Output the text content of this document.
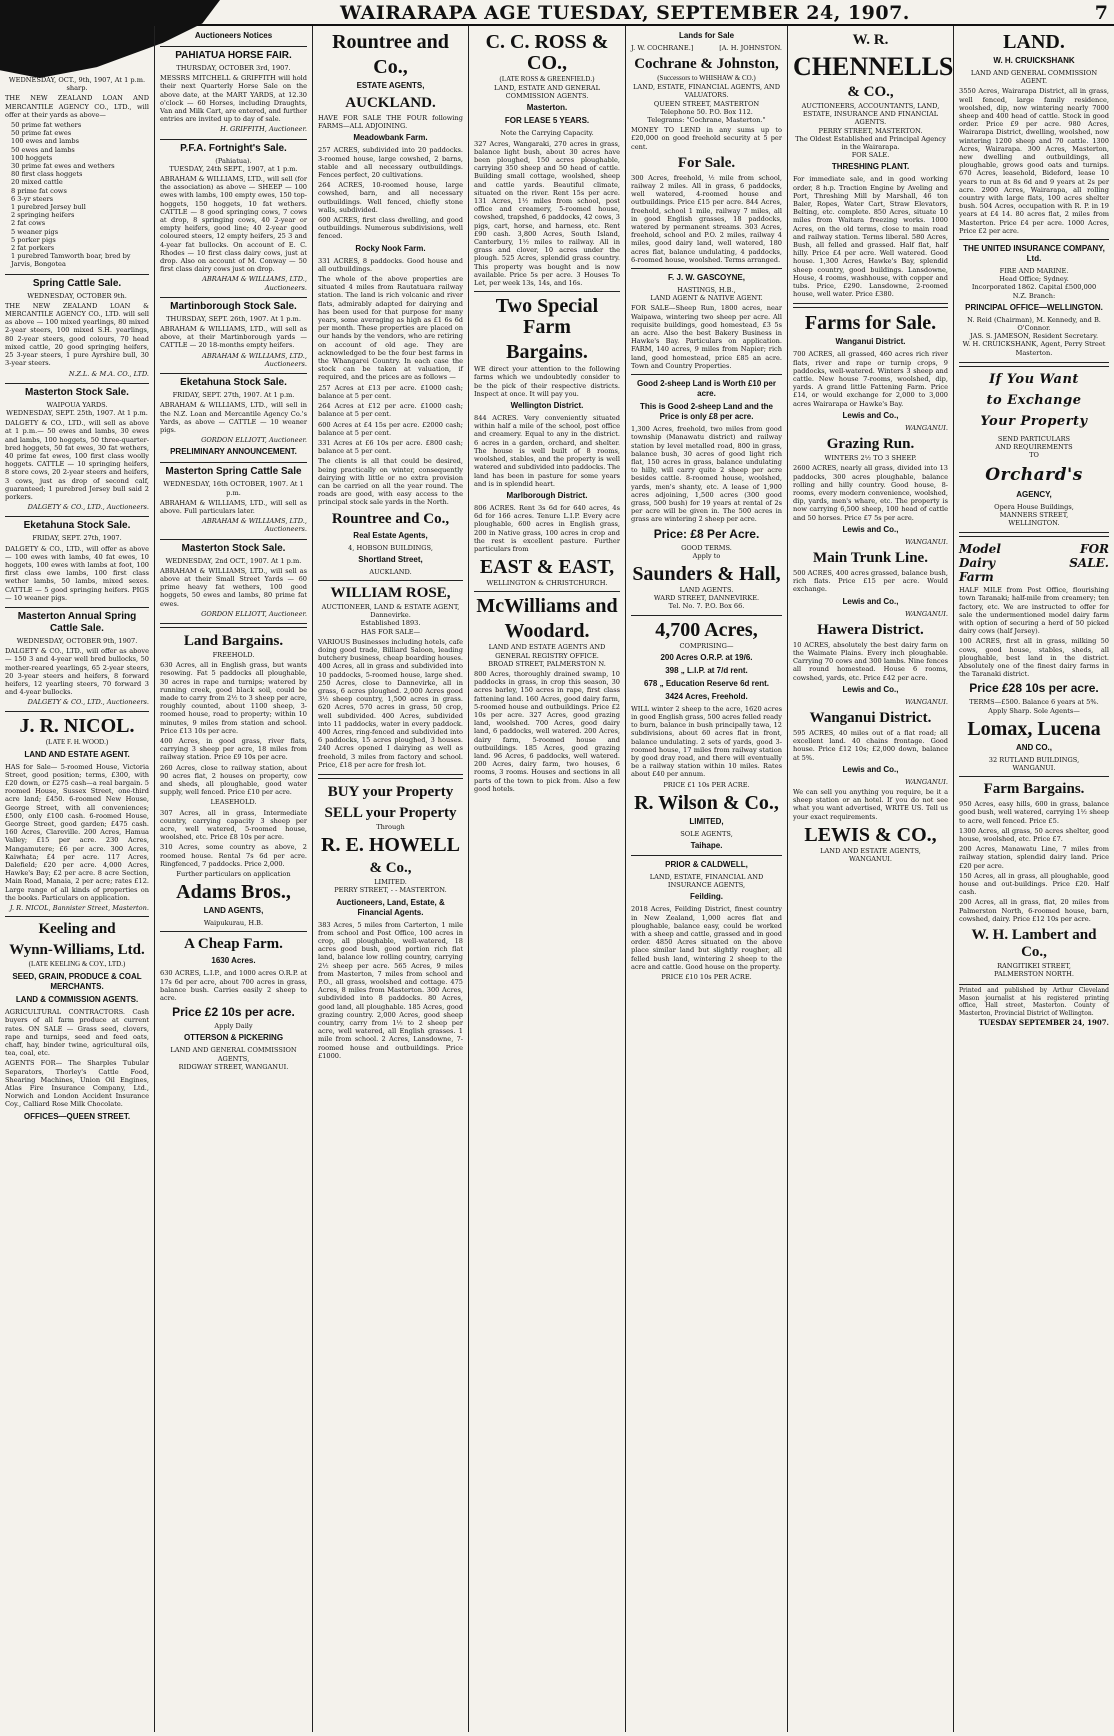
WAIRARAPA AGE TUESDAY, SEPTEMBER 24, 1907.	7
WEDNESDAY, OCT., 9th, 1907, At 1 p.m. sharp.
THE NEW ZEALAND LOAN AND MERCANTILE AGENCY CO., LTD., will offer at their yards as above—
50 prime fat wethers
50 prime fat ewes
100 ewes and lambs
50 ewes and lambs
100 hoggets
30 prime fat ewes and wethers
80 first class hoggets
20 mixed cattle
8 prime fat cows
6 3-yr steers
1 purebred Jersey bull
2 springing heifers
2 fat cows
5 weaner pigs
5 porker pigs
2 fat porkers
1 purebred Tamworth boar, bred by Jarvis, Bongotea
Spring Cattle Sale.
WEDNESDAY, OCTOBER 9th.
THE NEW ZEALAND LOAN & MERCANTILE AGENCY CO., LTD. will sell as above — 100 mixed yearlings, 80 mixed 2-year steers, 100 mixed S.H. yearlings, 80 2-year steers, good colours, 70 head mixed cattle, 20 good springing heifers, 25 3-year steers, 1 pure Ayrshire bull, 30 3-year steers.
N.Z.L. & M.A. CO., LTD.
Masterton Stock Sale.
WAIPOUA YARDS.
WEDNESDAY, SEPT. 25th, 1907. At 1 p.m.
DALGETY & CO., LTD., will sell as above at 1 p.m.— 50 ewes and lambs, 30 ewes and lambs, 100 hoggets, 50 three-quarter-bred hoggets, 50 fat ewes, 30 fat wethers, 40 prime fat ewes, 100 first class woolly hoggets. CATTLE — 10 springing heifers, 8 store cows, 20 2-year steers and heifers, 3 cows, just as drop of second calf, guaranteed; 1 purebred Jersey bull said 2 porkers.
DALGETY & CO., LTD., Auctioneers.
Eketahuna Stock Sale.
FRIDAY, SEPT. 27th, 1907.
DALGETY & CO., LTD., will offer as above — 100 ewes with lambs, 40 fat ewes, 10 hoggets, 100 ewes with lambs at foot, 100 first class ewe lambs, 100 first class wether lambs, 50 lambs, mixed sexes. CATTLE — 5 good springing heifers. PIGS — 10 weaner pigs.
Masterton Annual Spring Cattle Sale.
WEDNESDAY, OCTOBER 9th, 1907.
DALGETY & CO., LTD., will offer as above — 150 3 and 4-year well bred bullocks, 50 mother-reared yearlings, 65 2-year steers, 20 3-year steers and heifers, 8 forward heifers, 12 yearling steers, 70 forward 3 and 4-year bullocks.
DALGETY & CO., LTD., Auctioneers.
J. R. NICOL.
(LATE F. H. WOOD.)
LAND AND ESTATE AGENT.
HAS for Sale— 5-roomed House, Victoria Street, good position; terms, £300, with £20 down, or £275 cash—a real bargain. 5 roomed House, Sussex Street, one-third acre land; £450. 6-roomed New House, George Street, with all conveniences; £500, only £100 cash. 6-roomed House, George Street, good garden; £475 cash. 160 Acres, Clareville. 200 Acres, Hamua Valley; £15 per acre. 230 Acres, Mangamutere; £6 per acre. 300 Acres, Kaiwhata; £4 per acre. 117 Acres, Dalefield; £20 per acre. 4,000 Acres, Hawke's Bay; £2 per acre. 8 acre Section, Main Road, Manaia, 2 per acre; rates £12. Large range of all kinds of properties on the books. Particulars on application.
J. R. NICOL, Bannister Street, Masterton.
Keeling and
Wynn-Williams, Ltd.
(LATE KEELING & COY., LTD.)
SEED, GRAIN, PRODUCE & COAL MERCHANTS.
LAND & COMMISSION AGENTS.
AGRICULTURAL CONTRACTORS. Cash buyers of all farm produce at current rates. ON SALE — Grass seed, clovers, rape and turnips, seed and feed oats, chaff, hay, binder twine, agricultural oils, tea, coal, etc.
AGENTS FOR— The Sharples Tubular Separators, Thorley's Cattle Food, Shearing Machines, Union Oil Engines, Atlas Fire Insurance Company, Ltd., Norwich and London Accident Insurance Coy., Calliard Rose Milk Chocolate.
OFFICES—QUEEN STREET.
Auctioneers Notices
PAHIATUA HORSE FAIR.
THURSDAY, OCTOBER 3rd, 1907.
MESSRS MITCHELL & GRIFFITH will hold their next Quarterly Horse Sale on the above date, at the MART YARDS, at 12.30 o'clock — 60 Horses, including Draughts, Van and Milk Cart, are entered, and further entries are invited up to day of sale.
H. GRIFFITH, Auctioneer.
P.F.A. Fortnight's Sale.
(Pahiatua).
TUESDAY, 24th SEPT., 1907, at 1 p.m.
ABRAHAM & WILLIAMS, LTD., will sell (for the association) as above — SHEEP — 100 ewes with lambs, 100 empty ewes, 150 top-hoggets, 150 hoggets, 10 fat wethers. CATTLE — 8 good springing cows, 7 cows at drop, 8 springing cows, 40 2-year or empty heifers, good line; 40 2-year good coloured steers, 12 empty heifers, 25 3 and 4-year fat bullocks. On account of E. C. Rhodes — 10 first class dairy cows, just at drop. Also on account of M. Conway — 50 first class dairy cows just on drop.
ABRAHAM & WILLIAMS, LTD., Auctioneers.
Martinborough Stock Sale.
THURSDAY, SEPT. 26th, 1907. At 1 p.m.
ABRAHAM & WILLIAMS, LTD., will sell as above, at their Martinborough yards — CATTLE — 20 18-months empty heifers.
ABRAHAM & WILLIAMS, LTD., Auctioneers.
Eketahuna Stock Sale.
FRIDAY, SEPT. 27th, 1907. At 1 p.m.
ABRAHAM & WILLIAMS, LTD., will sell in the N.Z. Loan and Mercantile Agency Co.'s Yards, as above — CATTLE — 10 weaner pigs.
GORDON ELLIOTT, Auctioneer.
PRELIMINARY ANNOUNCEMENT.
Masterton Spring Cattle Sale
WEDNESDAY, 16th OCTOBER, 1907. At 1 p.m.
ABRAHAM & WILLIAMS, LTD., will sell as above. Full particulars later.
ABRAHAM & WILLIAMS, LTD., Auctioneers.
Masterton Stock Sale.
WEDNESDAY, 2nd OCT., 1907. At 1 p.m.
ABRAHAM & WILLIAMS, LTD., will sell as above at their Small Street Yards — 60 prime heavy fat wethers, 100 good hoggets, 50 ewes and lambs, 80 prime fat ewes.
GORDON ELLIOTT, Auctioneer.
Land Bargains.
FREEHOLD.
630 Acres, all in English grass, but wants resowing. Fat 5 paddocks all ploughable, 30 acres in rape and turnips; watered by running creek, good black soil, could be made to carry from 2½ to 3 sheep per acre, roughly counted, about 1100 sheep, 3-roomed house, road to property; within 10 minutes, 9 miles from station and school. Price £13 10s per acre.
400 Acres, in good grass, river flats, carrying 3 sheep per acre, 18 miles from railway station. Price £9 10s per acre.
260 Acres, close to railway station, about 90 acres flat, 2 houses on property, cow and sheds, all ploughable, good water supply, well fenced. Price £10 per acre.
LEASEHOLD.
307 Acres, all in grass, Intermediate country, carrying capacity 3 sheep per acre, well watered, 5-roomed house, woolshed, etc. Price £8 10s per acre.
310 Acres, some country as above, 2 roomed house. Rental 7s 6d per acre. Ringfenced, 7 paddocks. Price 2,000.
Further particulars on application
Adams Bros.,
LAND AGENTS,
Waipukurau, H.B.
A Cheap Farm.
1630 Acres.
630 ACRES, L.I.P., and 1000 acres O.R.P. at 17s 6d per acre, about 700 acres in grass, balance bush. Carries easily 2 sheep to acre.
Price £2 10s per acre.
Apply Daily
OTTERSON & PICKERING
LAND AND GENERAL COMMISSION AGENTS,
RIDGWAY STREET, WANGANUI.
Rountree and
Co.,
ESTATE AGENTS,
AUCKLAND.
HAVE FOR SALE THE FOUR following FARMS—ALL ADJOINING.
Meadowbank Farm.
257 ACRES, subdivided into 20 paddocks. 3-roomed house, large cowshed, 2 barns, stable and all necessary outbuildings. Fences perfect, 20 cultivations.
264 ACRES, 10-roomed house, large cowshed, barn, and all necessary outbuildings. Well fenced, chiefly stone walls, subdivided.
600 ACRES, first class dwelling, and good outbuildings. Numerous subdivisions, well fenced.
Rocky Nook Farm.
331 ACRES, 8 paddocks. Good house and all outbuildings.
The whole of the above properties are situated 4 miles from Rautatuara railway station. The land is rich volcanic and river flats, admirably adapted for dairying and has been used for that purpose for many years, some averaging as high as £1 6s 6d per month. These properties are placed on our hands by the vendors, who are retiring on account of old age. They are acknowledged to be the four best farms in the Whangarei Country. In each case the stock can be taken at valuation, if required, and the prices are as follows —
257 Acres at £13 per acre. £1000 cash; balance at 5 per cent.
264 Acres at £12 per acre. £1000 cash; balance at 5 per cent.
600 Acres at £4 15s per acre. £2000 cash; balance at 5 per cent.
331 Acres at £6 10s per acre. £800 cash; balance at 5 per cent.
The clients is all that could be desired, being practically on winter, consequently dairying with little or no extra provision can be carried on all the year round. The roads are good, with easy access to the principal stock sale yards in the North.
Rountree and Co.,
Real Estate Agents,
4, HOBSON BUILDINGS,
Shortland Street,
AUCKLAND.
WILLIAM ROSE,
AUCTIONEER, LAND & ESTATE AGENT, Dannevirke.
Established 1893.
HAS FOR SALE—
VARIOUS Businesses including hotels, cafe doing good trade, Billiard Saloon, leading butchery business, cheap boarding houses. 400 Acres, all in grass and subdivided into 10 paddocks, 5-roomed house, large shed. 250 Acres, close to Dannevirke, all in grass, 6 acres ploughed. 2,000 Acres good 3½ sheep country, 1,500 acres in grass. 620 Acres, 570 acres in grass, 50 crop, well subdivided. 400 Acres, subdivided into 11 paddocks, water in every paddock. 400 Acres, ring-fenced and subdivided into 6 paddocks, 15 acres ploughed, 3 houses. 240 Acres opened I dairying as well as freehold, 3 miles from factory and school. Price, £18 per acre for fresh lot.
BUY your Property
SELL your Property
Through
R. E. HOWELL
& Co.,
LIMITED.
PERRY STREET, - - MASTERTON.
Auctioneers, Land, Estate, & Financial Agents.
383 Acres, 5 miles from Carterton, 1 mile from school and Post Office, 100 acres in crop, all ploughable, well-watered, 18 acres good bush, good portion rich flat land, balance low rolling country, carrying 2½ sheep per acre. 565 Acres, 9 miles from Masterton, 7 miles from school and P.O., all grass, woolshed and cottage. 475 Acres, 8 miles from Masterton. 300 Acres, subdivided into 8 paddocks. 80 Acres, good land, all ploughable. 185 Acres, good grazing country. 2,000 Acres, good sheep country, carry from 1½ to 2 sheep per acre, well watered, all English grasses. 1 mile from school. 2 Acres, Lansdowne, 7-roomed house and outbuildings. Price £1000.
C. C. ROSS & CO.,
(LATE ROSS & GREENFIELD.)
LAND, ESTATE AND GENERAL COMMISSION AGENTS.
Masterton.
FOR LEASE 5 YEARS.
Note the Carrying Capacity.
327 Acres, Wangaraki, 270 acres in grass, balance light bush, about 30 acres have been ploughed, 150 acres ploughable, carrying 350 sheep and 50 head of cattle. Building small cottage, woolshed, sheep and cattle yards. Beautiful climate, situated on the river. Rent 15s per acre. 131 Acres, 1½ miles from school, post office and creamery, 5-roomed house, cowshed, trapshed, 6 paddocks, 42 cows, 3 pigs, cart, horse, and harness, etc. Rent £90 cash. 3,800 Acres, South Island, Canterbury, 1½ miles to railway. All in grass and clover, 10 acres under the plough. 525 Acres, splendid grass country. This property was bought and is now available. Price 5s per acre. 3 Houses To Let, per week 13s, 14s, and 16s.
Two Special Farm
Bargains.
WE direct your attention to the following farms which we undoubtedly consider to be the pick of their respective districts. Inspect at once. It will pay you.
Wellington District.
844 ACRES. Very conveniently situated within half a mile of the school, post office and creamery. Equal to any in the district. 6 acres in a garden, orchard, and shelter. The house is well built of 8 rooms, woolshed, stables, and the property is well watered and subdivided into paddocks. The land has been in pasture for some years and is in splendid heart.
Marlborough District.
806 ACRES. Rent 3s 6d for 640 acres, 4s 6d for 166 acres. Tenure L.I.P. Every acre ploughable, 600 acres in English grass, 200 in Native grass, 100 acres in crop and the rest is excellent pasture. Further particulars from
EAST & EAST,
WELLINGTON & CHRISTCHURCH.
McWilliams and
Woodard.
LAND AND ESTATE AGENTS AND GENERAL REGISTRY OFFICE.
BROAD STREET, PALMERSTON N.
800 Acres, thoroughly drained swamp, 10 paddocks in grass, in crop this season, 30 acres barley, 150 acres in rape, first class fattening land. 160 Acres, good dairy farm, 5-roomed house and outbuildings. Price £2 10s per acre. 327 Acres, good grazing land, woolshed. 700 Acres, good dairy land, 6 paddocks, well watered. 200 Acres, dairy farm, 5-roomed house and outbuildings. 185 Acres, good grazing land. 96 Acres, 6 paddocks, well watered. 200 Acres, dairy farm, two houses, 6 rooms, 3 rooms. Houses and sections in all parts of the town to pick from. Also a few good hotels.
Lands for Sale
J. W. COCHRANE.]	[A. H. JOHNSTON.
Cochrane & Johnston,
(Successors to WHISHAW & CO.)
LAND, ESTATE, FINANCIAL AGENTS, AND VALUATORS.
QUEEN STREET, MASTERTON
Telephone 50. P.O. Box 112.
Telegrams: "Cochrane, Masterton."
MONEY TO LEND in any sums up to £20,000 on good freehold security at 5 per cent.
For Sale.
300 Acres, freehold, ½ mile from school, railway 2 miles. All in grass, 6 paddocks, well watered, 4-roomed house and outbuildings. Price £15 per acre. 844 Acres, freehold, school 1 mile, railway 7 miles, all in good English grasses, 18 paddocks, watered by permanent streams. 303 Acres, freehold, school and P.O. 2 miles, railway 4 miles, good dairy land, well watered, 180 acres flat, balance undulating, 4 paddocks, 6-roomed house, woolshed. Terms arranged.
F. J. W. GASCOYNE,
HASTINGS, H.B.,
LAND AGENT & NATIVE AGENT.
FOR SALE—Sheep Run, 1800 acres, near Waipawa, wintering two sheep per acre. All requisite buildings, good homestead, £3 5s an acre. Also the best Bakery Business in Hawke's Bay. Particulars on application. FARM, 140 acres, 9 miles from Napier; rich land, good homestead, price £85 an acre. Town and Country Properties.
Good 2-sheep Land is Worth £10 per acre.
This is Good 2-sheep Land and the Price is only £8 per acre.
1,300 Acres, freehold, two miles from good township (Manawatu district) and railway station by level metalled road, 800 in grass, balance bush, 30 acres of good light rich flat, 150 acres in grass, balance undulating to hilly, will carry quite 2 sheep per acre besides cattle. 8-roomed house, woolshed, yards, men's shanty, etc. A lease of 1,900 acres adjoining, 1,500 acres (300 good grass, 500 bush) for 19 years at rental of 2s per acre will be given in. The 500 acres in grass are wintering 2 sheep per acre.
Price: £8 Per Acre.
GOOD TERMS.
Apply to
Saunders & Hall,
LAND AGENTS.
WARD STREET, DANNEVIRKE.
Tel. No. 7. P.O. Box 66.
4,700 Acres,
COMPRISING—
200 Acres O.R.P. at 19/6.
398 „ L.I.P. at 7/d rent.
678 „ Education Reserve 6d rent.
3424 Acres, Freehold.
WILL winter 2 sheep to the acre, 1620 acres in good English grass, 500 acres felled ready to burn, balance in bush principally tawa, 12 subdivisions, about 60 acres flat in front, balance undulating. 2 sets of yards, good 3-roomed house, 17 miles from railway station by good dray road, and there will eventually be a railway station within 10 miles. Rates about £40 per annum.
PRICE £1 10s PER ACRE.
R. Wilson & Co.,
LIMITED,
SOLE AGENTS,
Taihape.
PRIOR & CALDWELL,
LAND, ESTATE, FINANCIAL AND INSURANCE AGENTS,
Feilding.
2018 Acres, Feilding District, finest country in New Zealand, 1,000 acres flat and ploughable, balance easy, could be worked with a sheep and cattle, grassed and in good order. 4850 Acres situated on the above place similar land but slightly rougher, all felled bush land, wintering 2 sheep to the acre and cattle. Good house on the property.
PRICE £10 10s PER ACRE.
W. R.
CHENNELLS
& CO.,
AUCTIONEERS, ACCOUNTANTS, LAND, ESTATE, INSURANCE AND FINANCIAL AGENTS.
PERRY STREET, MASTERTON.
The Oldest Established and Principal Agency in the Wairarapa.
FOR SALE.
THRESHING PLANT.
For immediate sale, and in good working order, 8 h.p. Traction Engine by Aveling and Port, Threshing Mill by Marshall, 46 ton Baler, Ropes, Water Cart, Straw Elevators, Belting, etc. complete. 850 Acres, situate 10 miles from Waitara freezing works. 1000 Acres, on the old terms, close to main road and railway station. Terms liberal. 580 Acres, Bush, all felled and grassed. Half flat, half hilly. Price £4 per acre. Well watered. Good house. 1,300 Acres, Hawke's Bay, splendid sheep country, good buildings. Lansdowne, House, 4 rooms, washhouse, with copper and tubs. Price, £290. Lansdowne, 2-roomed house, well water. Price £380.
Farms for Sale.
Wanganui District.
700 ACRES, all grassed, 460 acres rich river flats, river and rape or turnip crops, 9 paddocks, well-watered. Winters 3 sheep and cattle. New house 7-rooms, woolshed, dip, yards. A grand little Fattening Farm. Price £14, or would exchange for 2,000 to 3,000 acres Wairarapa or Hawke's Bay.
Lewis and Co.,
WANGANUI.
Grazing Run.
WINTERS 2½ TO 3 SHEEP.
2600 ACRES, nearly all grass, divided into 13 paddocks, 300 acres ploughable, balance rolling and hilly country. Good house, 8-rooms, every modern convenience, woolshed, dip, yards, men's whare, etc. The property is now carrying 6,500 sheep, 100 head of cattle and 50 horses. Price £7 5s per acre.
Lewis and Co.,
WANGANUI.
Main Trunk Line.
500 ACRES, 400 acres grassed, balance bush, rich flats. Price £15 per acre. Would exchange.
Lewis and Co.,
WANGANUI.
Hawera District.
10 ACRES, absolutely the best dairy farm on the Waimate Plains. Every inch ploughable. Carrying 70 cows and 300 lambs. Nine fences all round homestead. House 6 rooms, cowshed, yards, etc. Price £42 per acre.
Lewis and Co.,
WANGANUI.
Wanganui District.
595 ACRES, 40 miles out of a flat road; all excellent land. 40 chains frontage. Good house. Price £12 10s; £2,000 down, balance at 5%.
Lewis and Co.,
WANGANUI.
We can sell you anything you require, be it a sheep station or an hotel. If you do not see what you want advertised, WRITE US. Tell us your exact requirements.
LEWIS & CO.,
LAND AND ESTATE AGENTS,
WANGANUI.
LAND.
W. H. CRUICKSHANK
LAND AND GENERAL COMMISSION AGENT.
3550 Acres, Wairarapa District, all in grass, well fenced, large family residence, woolshed, dip, now wintering nearly 7000 sheep and 400 head of cattle. Stock in good order. Price £9 per acre. 980 Acres, Wairarapa District, dwelling, woolshed, now wintering 1200 sheep and 70 cattle. 1300 Acres, Wairarapa. 300 Acres, Masterton, new dwelling and outbuildings, all ploughable, grows good oats and turnips. 670 Acres, leasehold, Bideford, lease 10 years to run at 8s 6d and 9 years at 2s per acre. 2900 Acres, Wairarapa, all rolling country with large flats, 100 acres shelter bush. 504 Acres, occupation with R. P. in 19 years at £4 14. 80 acres flat, 2 miles from Masterton. Price £4 per acre. 1000 Acres, Price £2 per acre.
THE UNITED INSURANCE COMPANY, Ltd.
FIRE AND MARINE.
Head Office; Sydney.
Incorporated 1862. Capital £500,000
N.Z. Branch:
PRINCIPAL OFFICE—WELLINGTON.
N. Reid (Chairman), M. Kennedy, and B. O'Connor.
JAS. S. JAMESON, Resident Secretary.
W. H. CRUICKSHANK, Agent, Perry Street Masterton.
If You Want
to Exchange
Your Property
SEND PARTICULARS
AND REQUIREMENTS
TO
Orchard's
AGENCY,
Opera House Buildings,
MANNERS STREET,
WELLINGTON.
Model	FOR
Dairy	SALE.
Farm
HALF MILE from Post Office, flourishing town Taranaki; half-mile from creamery; ten factory, etc. We are instructed to offer for sale the undermentioned model dairy farm with option of securing a herd of 50 picked dairy cows (half Jersey).
100 ACRES, first all in grass, milking 50 cows, good house, stables, sheds, all ploughable, best land in the district. Absolutely one of the finest dairy farms in the Taranaki district.
Price £28 10s per acre.
TERMS—£500. Balance 6 years at 5%.
Apply Sharp. Sole Agents—
Lomax, Lucena
AND CO.,
32 RUTLAND BUILDINGS,
WANGANUI.
Farm Bargains.
950 Acres, easy hills, 600 in grass, balance good bush, well watered, carrying 1½ sheep to acre, well fenced. Price £5.
1300 Acres, all grass, 50 acres shelter, good house, woolshed, etc. Price £7.
200 Acres, Manawatu Line, 7 miles from railway station, splendid dairy land. Price £20 per acre.
150 Acres, all in grass, all ploughable, good house and out-buildings. Price £20. Half cash.
200 Acres, all in grass, flat, 20 miles from Palmerston North, 6-roomed house, barn, cowshed, dairy. Price £12 10s per acre.
W. H. Lambert and Co.,
RANGITIKEI STREET,
PALMERSTON NORTH.
Printed and published by Arthur Cleveland Mason journalist at his registered printing office, Hall street, Masterton. County of Masterton, Provincial District of Wellington.
TUESDAY SEPTEMBER 24, 1907.
